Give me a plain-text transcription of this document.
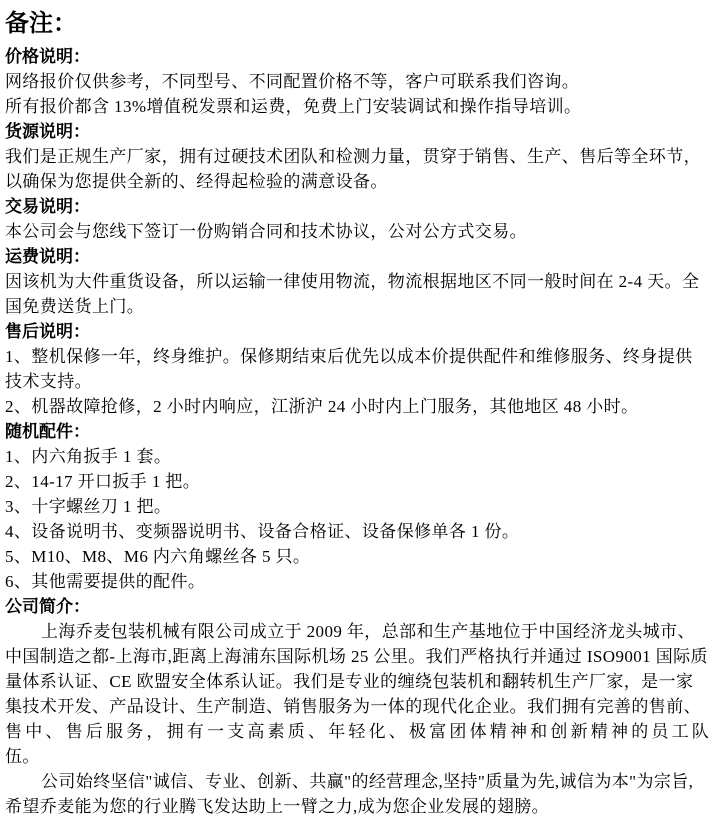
备注：
价格说明：
网络报价仅供参考，不同型号、不同配置价格不等，客户可联系我们咨询。
所有报价都含 13%增值税发票和运费，免费上门安装调试和操作指导培训。
货源说明：
我们是正规生产厂家，拥有过硬技术团队和检测力量，贯穿于销售、生产、售后等全环节，
以确保为您提供全新的、经得起检验的满意设备。
交易说明：
本公司会与您线下签订一份购销合同和技术协议，公对公方式交易。
运费说明：
因该机为大件重货设备，所以运输一律使用物流，物流根据地区不同一般时间在 2-4 天。全
国免费送货上门。
售后说明：
1、整机保修一年，终身维护。保修期结束后优先以成本价提供配件和维修服务、终身提供
技术支持。
2、机器故障抢修，2 小时内响应，江浙沪 24 小时内上门服务，其他地区 48 小时。
随机配件：
1、内六角扳手 1 套。
2、14-17 开口扳手 1 把。
3、十字螺丝刀 1 把。
4、设备说明书、变频器说明书、设备合格证、设备保修单各 1 份。
5、M10、M8、M6 内六角螺丝各 5 只。
6、其他需要提供的配件。
公司简介：
上海乔麦包装机械有限公司成立于 2009 年，总部和生产基地位于中国经济龙头城市、
中国制造之都-上海市,距离上海浦东国际机场 25 公里。我们严格执行并通过 ISO9001 国际质
量体系认证、CE 欧盟安全体系认证。我们是专业的缠绕包装机和翻转机生产厂家，是一家
集技术开发、产品设计、生产制造、销售服务为一体的现代化企业。我们拥有完善的售前、
售中、售后服务，拥有一支高素质、年轻化、极富团体精神和创新精神的员工队
伍。
公司始终坚信"诚信、专业、创新、共赢"的经营理念,坚持"质量为先,诚信为本"为宗旨,
希望乔麦能为您的行业腾飞发达助上一臂之力,成为您企业发展的翅膀。
